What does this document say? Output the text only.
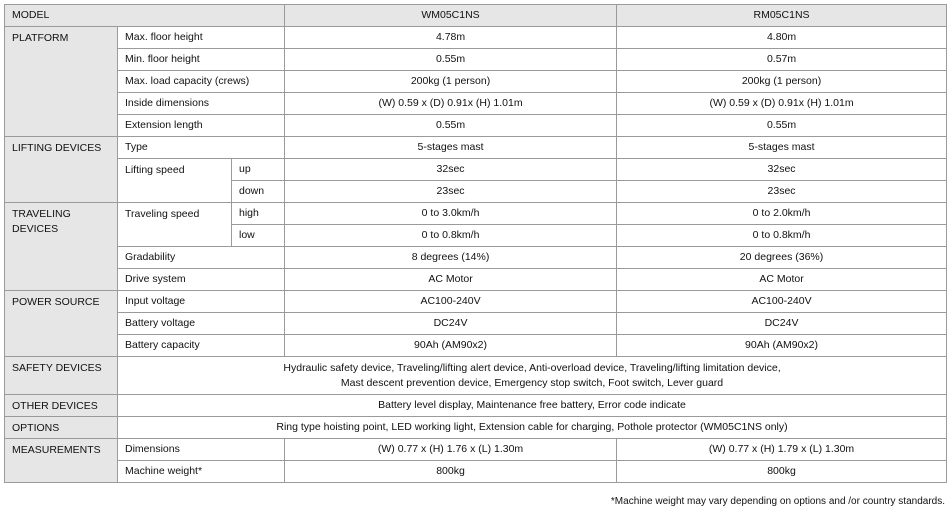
MODEL			WM05C1NS	RM05C1NS
PLATFORM	Max. floor height		4.78m	4.80m
	Min. floor height		0.55m	0.57m
	Max. load capacity (crews)		200kg (1 person)	200kg (1 person)
	Inside dimensions		(W) 0.59 x (D) 0.91x (H) 1.01m	(W) 0.59 x (D) 0.91x (H) 1.01m
	Extension length		0.55m	0.55m
LIFTING DEVICES	Type		5-stages mast	5-stages mast
	Lifting speed	up	32sec	32sec
		down	23sec	23sec
TRAVELING DEVICES	Traveling speed	high	0 to 3.0km/h	0 to 2.0km/h
		low	0 to 0.8km/h	0 to 0.8km/h
	Gradability		8 degrees (14%)	20 degrees (36%)
	Drive system		AC Motor	AC Motor
POWER SOURCE	Input voltage		AC100-240V	AC100-240V
	Battery voltage		DC24V	DC24V
	Battery capacity		90Ah (AM90x2)	90Ah (AM90x2)
SAFETY DEVICES	Hydraulic safety device, Traveling/lifting alert device, Anti-overload device, Traveling/lifting limitation device,
Mast descent prevention device, Emergency stop switch, Foot switch, Lever guard			

OTHER DEVICES	Battery level display, Maintenance free battery, Error code indicate			
OPTIONS	Ring type hoisting point, LED working light, Extension cable for charging, Pothole protector (WM05C1NS only)			
MEASUREMENTS	Dimensions		(W) 0.77 x (H) 1.76 x (L) 1.30m	(W) 0.77 x (H) 1.79 x (L) 1.30m
	Machine weight*		800kg	800kg
*Machine weight may vary depending on options and /or country standards.
